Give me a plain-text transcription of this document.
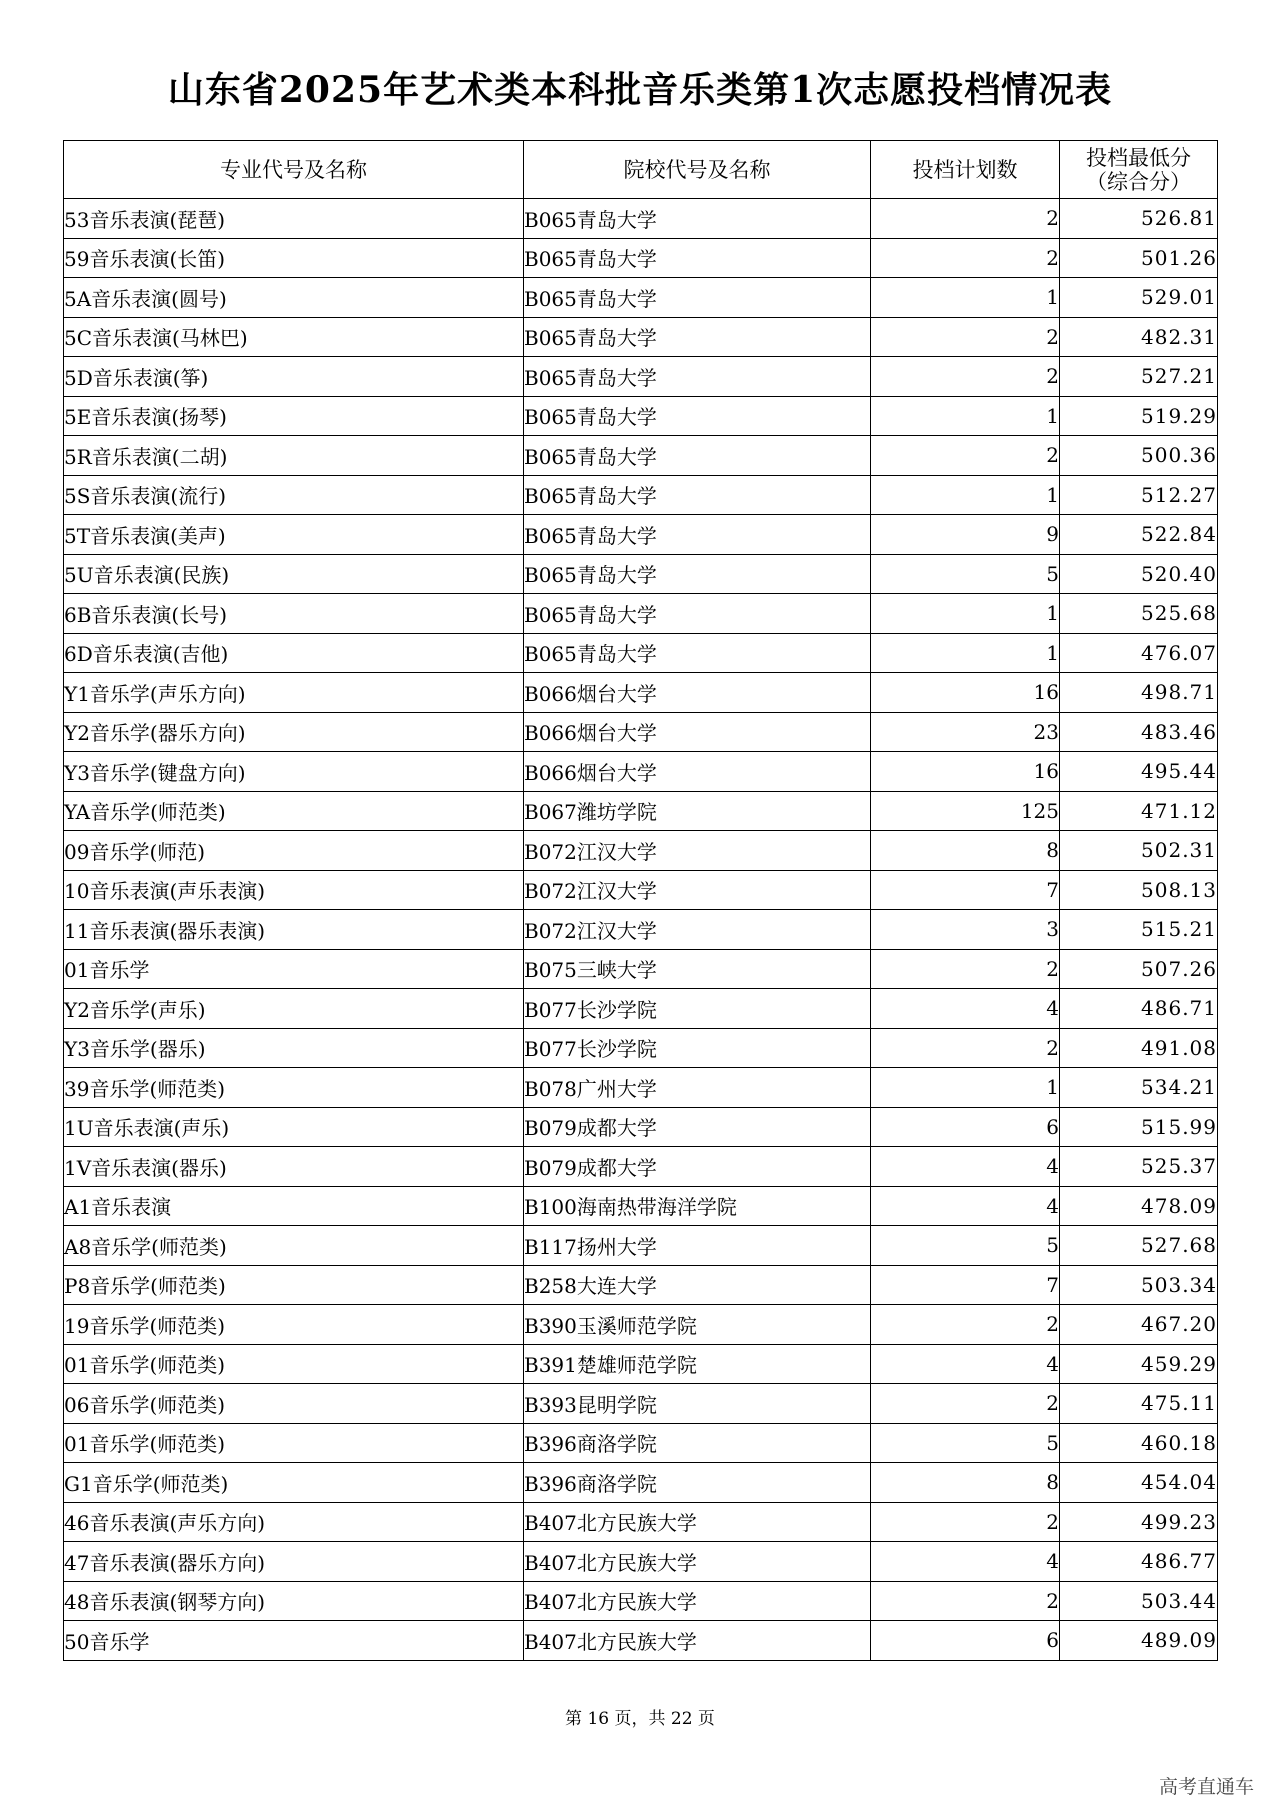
山东省2025年艺术类本科批音乐类第1次志愿投档情况表
专业代号及名称	院校代号及名称	投档计划数	投档最低分
（综合分）

53音乐表演(琵琶)	B065青岛大学	2	526.81
59音乐表演(长笛)	B065青岛大学	2	501.26
5A音乐表演(圆号)	B065青岛大学	1	529.01
5C音乐表演(马林巴)	B065青岛大学	2	482.31
5D音乐表演(筝)	B065青岛大学	2	527.21
5E音乐表演(扬琴)	B065青岛大学	1	519.29
5R音乐表演(二胡)	B065青岛大学	2	500.36
5S音乐表演(流行)	B065青岛大学	1	512.27
5T音乐表演(美声)	B065青岛大学	9	522.84
5U音乐表演(民族)	B065青岛大学	5	520.40
6B音乐表演(长号)	B065青岛大学	1	525.68
6D音乐表演(吉他)	B065青岛大学	1	476.07
Y1音乐学(声乐方向)	B066烟台大学	16	498.71
Y2音乐学(器乐方向)	B066烟台大学	23	483.46
Y3音乐学(键盘方向)	B066烟台大学	16	495.44
YA音乐学(师范类)	B067潍坊学院	125	471.12
09音乐学(师范)	B072江汉大学	8	502.31
10音乐表演(声乐表演)	B072江汉大学	7	508.13
11音乐表演(器乐表演)	B072江汉大学	3	515.21
01音乐学	B075三峡大学	2	507.26
Y2音乐学(声乐)	B077长沙学院	4	486.71
Y3音乐学(器乐)	B077长沙学院	2	491.08
39音乐学(师范类)	B078广州大学	1	534.21
1U音乐表演(声乐)	B079成都大学	6	515.99
1V音乐表演(器乐)	B079成都大学	4	525.37
A1音乐表演	B100海南热带海洋学院	4	478.09
A8音乐学(师范类)	B117扬州大学	5	527.68
P8音乐学(师范类)	B258大连大学	7	503.34
19音乐学(师范类)	B390玉溪师范学院	2	467.20
01音乐学(师范类)	B391楚雄师范学院	4	459.29
06音乐学(师范类)	B393昆明学院	2	475.11
01音乐学(师范类)	B396商洛学院	5	460.18
G1音乐学(师范类)	B396商洛学院	8	454.04
46音乐表演(声乐方向)	B407北方民族大学	2	499.23
47音乐表演(器乐方向)	B407北方民族大学	4	486.77
48音乐表演(钢琴方向)	B407北方民族大学	2	503.44
50音乐学	B407北方民族大学	6	489.09
第 16 页，共 22 页
高考直通车
